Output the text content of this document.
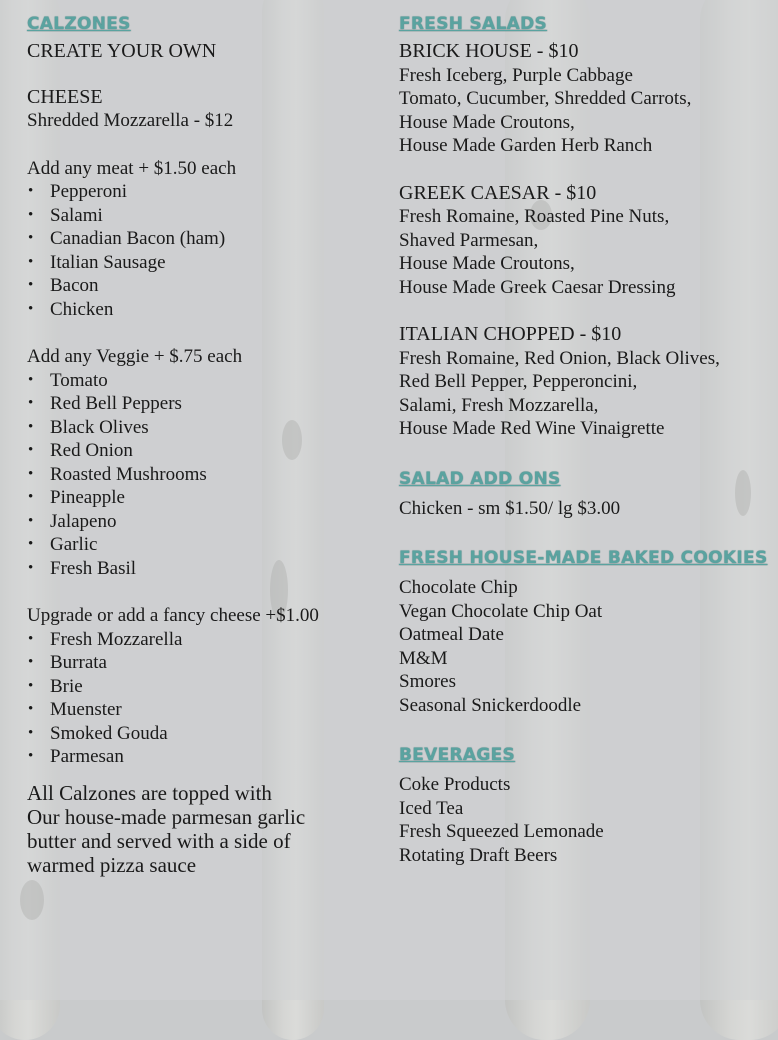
CALZONES
CREATE YOUR OWN
CHEESE
Shredded Mozzarella - $12
Add any meat + $1.50 each
• Pepperoni
• Salami
• Canadian Bacon (ham)
• Italian Sausage
• Bacon
• Chicken
Add any Veggie + $.75 each
• Tomato
• Red Bell Peppers
• Black Olives
• Red Onion
• Roasted Mushrooms
• Pineapple
• Jalapeno
• Garlic
• Fresh Basil
Upgrade or add a fancy cheese +$1.00
• Fresh Mozzarella
• Burrata
• Brie
• Muenster
• Smoked Gouda
• Parmesan
All Calzones are topped with
Our house-made parmesan garlic
butter and served with a side of
warmed pizza sauce
FRESH SALADS
BRICK HOUSE - $10
Fresh Iceberg, Purple Cabbage
Tomato, Cucumber, Shredded Carrots,
House Made Croutons,
House Made Garden Herb Ranch
GREEK CAESAR - $10
Fresh Romaine, Roasted Pine Nuts,
Shaved Parmesan,
House Made Croutons,
House Made Greek Caesar Dressing
ITALIAN CHOPPED - $10
Fresh Romaine, Red Onion, Black Olives,
Red Bell Pepper, Pepperoncini,
Salami, Fresh Mozzarella,
House Made Red Wine Vinaigrette
SALAD ADD ONS
Chicken - sm $1.50/ lg $3.00
FRESH HOUSE-MADE BAKED COOKIES
Chocolate Chip
Vegan Chocolate Chip Oat
Oatmeal Date
M&M
Smores
Seasonal Snickerdoodle
BEVERAGES
Coke Products
Iced Tea
Fresh Squeezed Lemonade
Rotating Draft Beers
